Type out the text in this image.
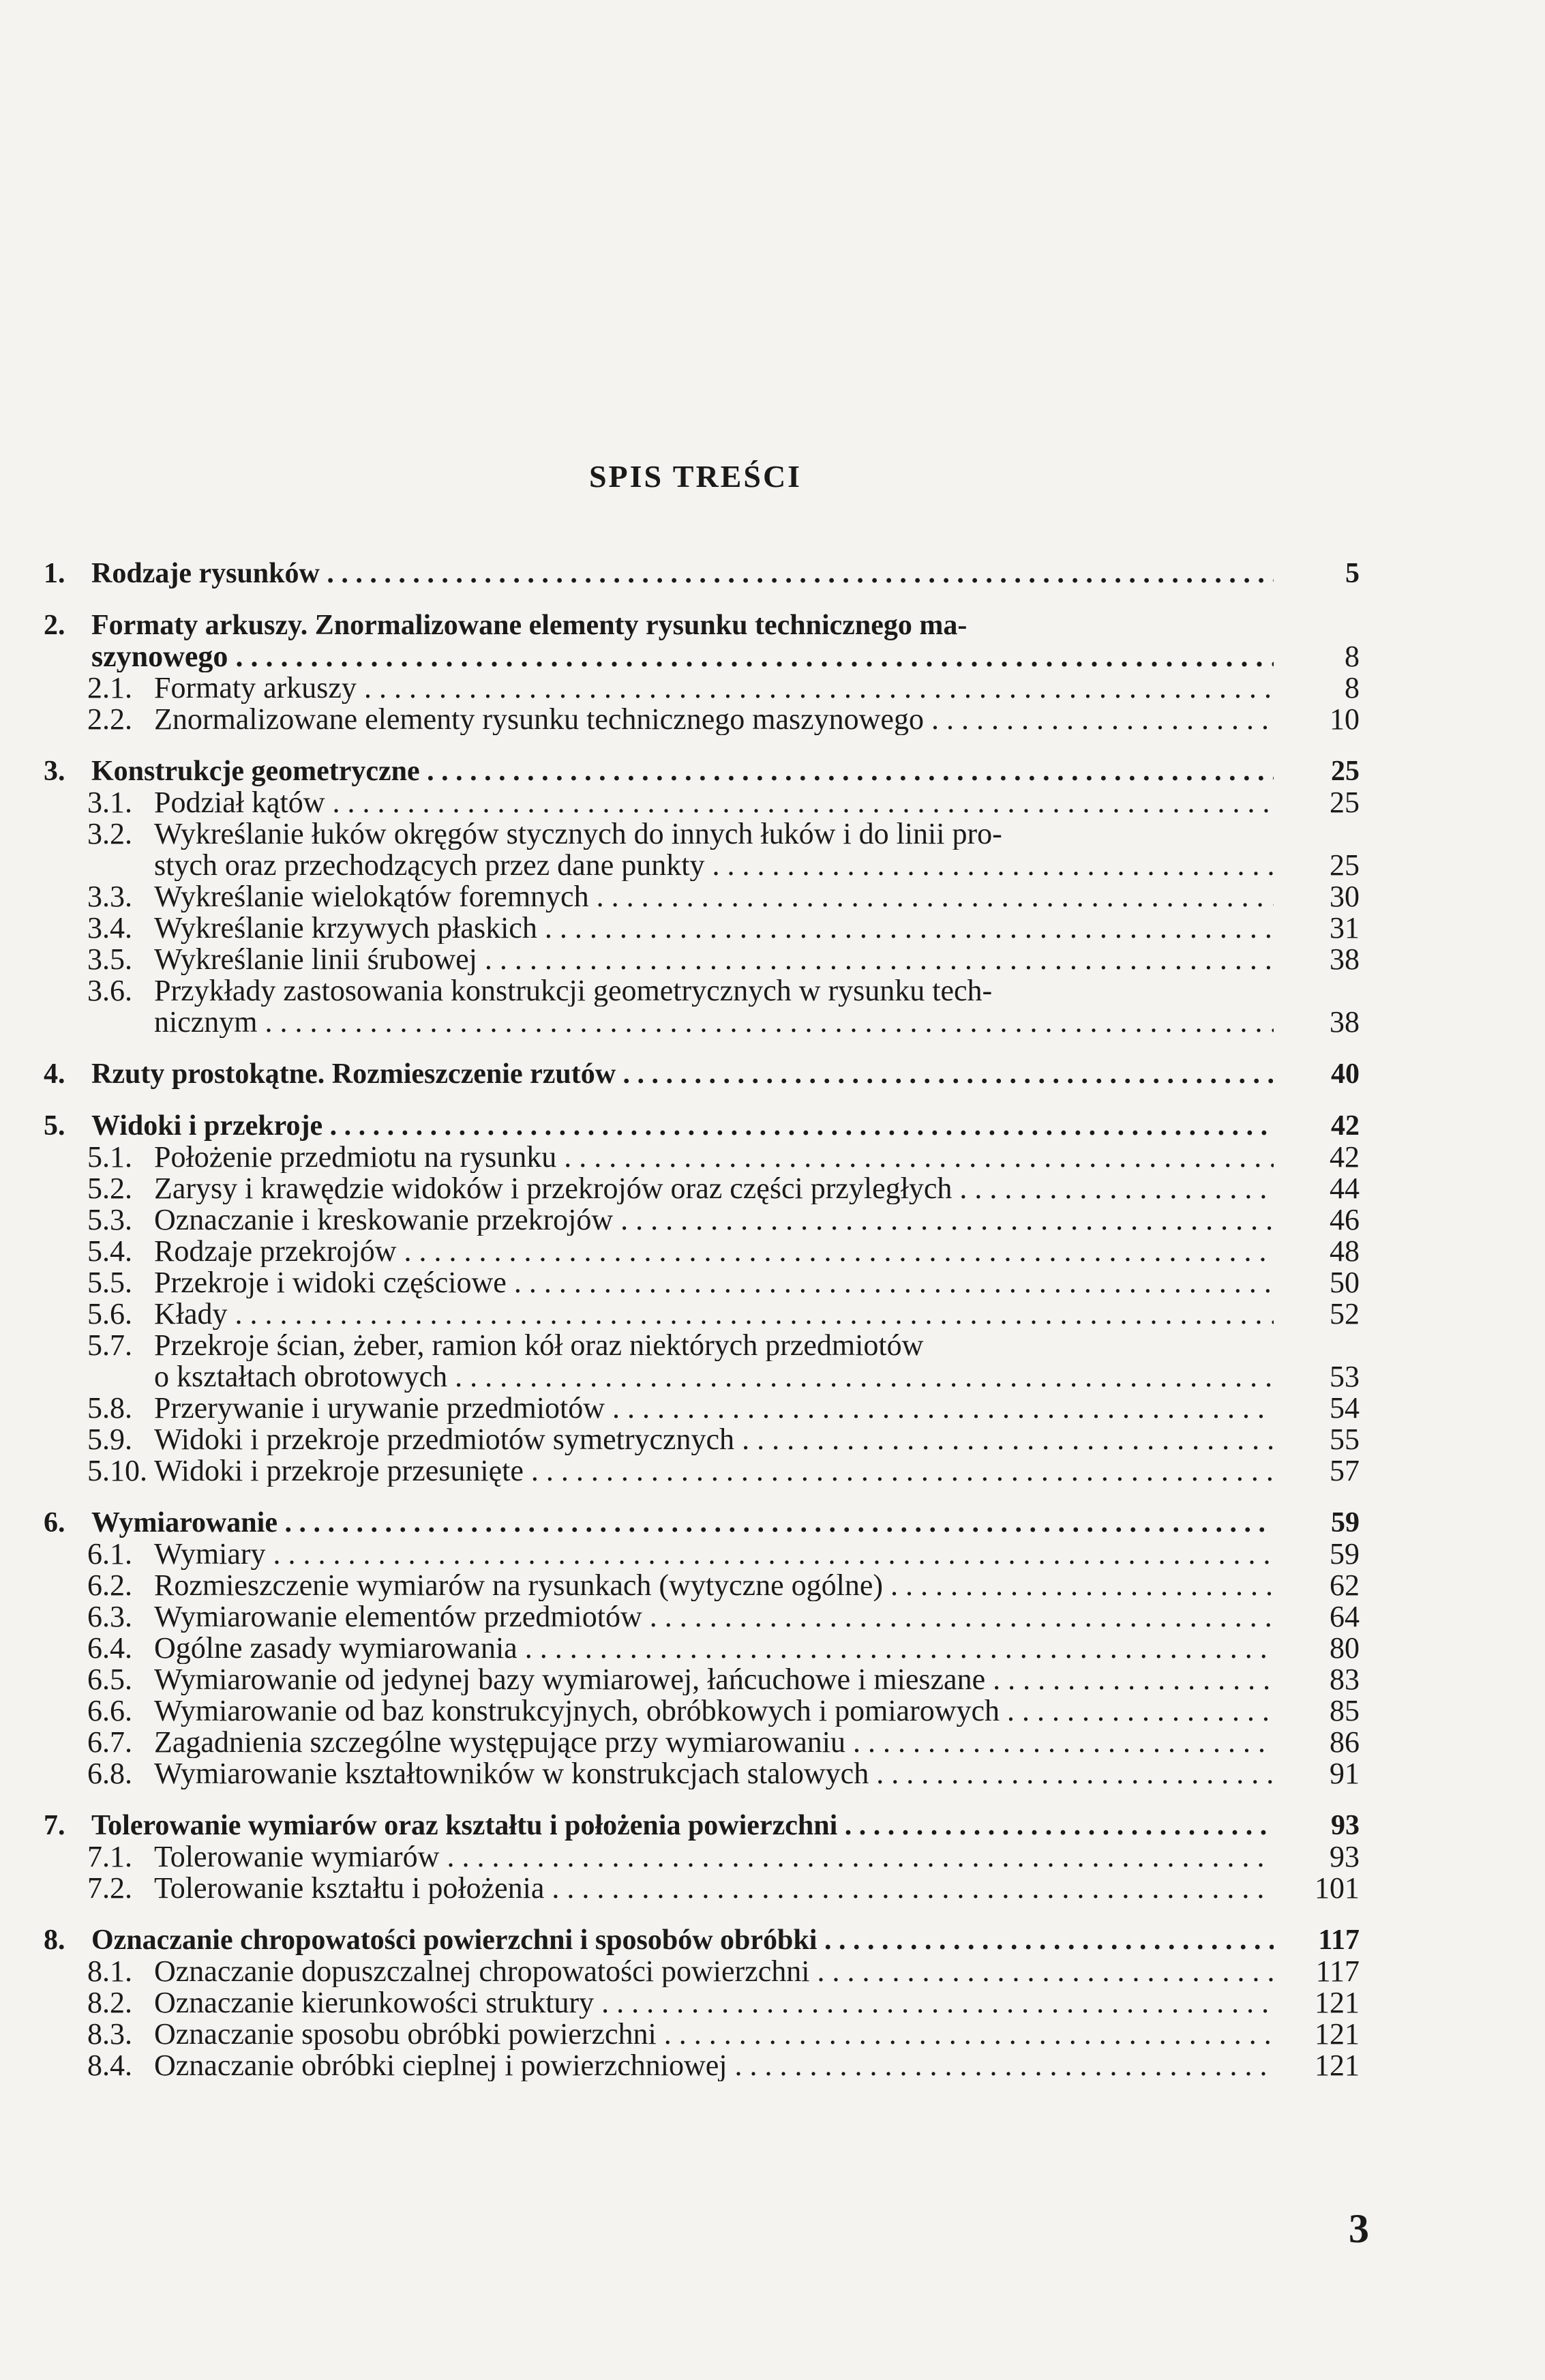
SPIS TREŚCI
1. Rodzaje rysunków . . .	5
2. Formaty arkuszy. Znormalizowane elementy rysunku technicznego ma-
szynowego . . .	8
2.1. Formaty arkuszy . . .	8
2.2. Znormalizowane elementy rysunku technicznego maszynowego . . .	10
3. Konstrukcje geometryczne . . .	25
3.1. Podział kątów . . .	25
3.2. Wykreślanie łuków okręgów stycznych do innych łuków i do linii pro-
stych oraz przechodzących przez dane punkty . . .	25
3.3. Wykreślanie wielokątów foremnych . . .	30
3.4. Wykreślanie krzywych płaskich . . .	31
3.5. Wykreślanie linii śrubowej . . .	38
3.6. Przykłady zastosowania konstrukcji geometrycznych w rysunku tech-
nicznym . . .	38
4. Rzuty prostokątne. Rozmieszczenie rzutów . . .	40
5. Widoki i przekroje . . .	42
5.1. Położenie przedmiotu na rysunku . . .	42
5.2. Zarysy i krawędzie widoków i przekrojów oraz części przyległych . . .	44
5.3. Oznaczanie i kreskowanie przekrojów . . .	46
5.4. Rodzaje przekrojów . . .	48
5.5. Przekroje i widoki częściowe . . .	50
5.6. Kłady . . .	52
5.7. Przekroje ścian, żeber, ramion kół oraz niektórych przedmiotów
o kształtach obrotowych . . .	53
5.8. Przerywanie i urywanie przedmiotów . . .	54
5.9. Widoki i przekroje przedmiotów symetrycznych . . .	55
5.10. Widoki i przekroje przesunięte . . .	57
6. Wymiarowanie . . .	59
6.1. Wymiary . . .	59
6.2. Rozmieszczenie wymiarów na rysunkach (wytyczne ogólne) . . .	62
6.3. Wymiarowanie elementów przedmiotów . . .	64
6.4. Ogólne zasady wymiarowania . . .	80
6.5. Wymiarowanie od jedynej bazy wymiarowej, łańcuchowe i mieszane . . .	83
6.6. Wymiarowanie od baz konstrukcyjnych, obróbkowych i pomiarowych . . .	85
6.7. Zagadnienia szczególne występujące przy wymiarowaniu . . .	86
6.8. Wymiarowanie kształtowników w konstrukcjach stalowych . . .	91
7. Tolerowanie wymiarów oraz kształtu i położenia powierzchni . . .	93
7.1. Tolerowanie wymiarów . . .	93
7.2. Tolerowanie kształtu i położenia . . .	101
8. Oznaczanie chropowatości powierzchni i sposobów obróbki . . .	117
8.1. Oznaczanie dopuszczalnej chropowatości powierzchni . . .	117
8.2. Oznaczanie kierunkowości struktury . . .	121
8.3. Oznaczanie sposobu obróbki powierzchni . . .	121
8.4. Oznaczanie obróbki cieplnej i powierzchniowej . . .	121
3
